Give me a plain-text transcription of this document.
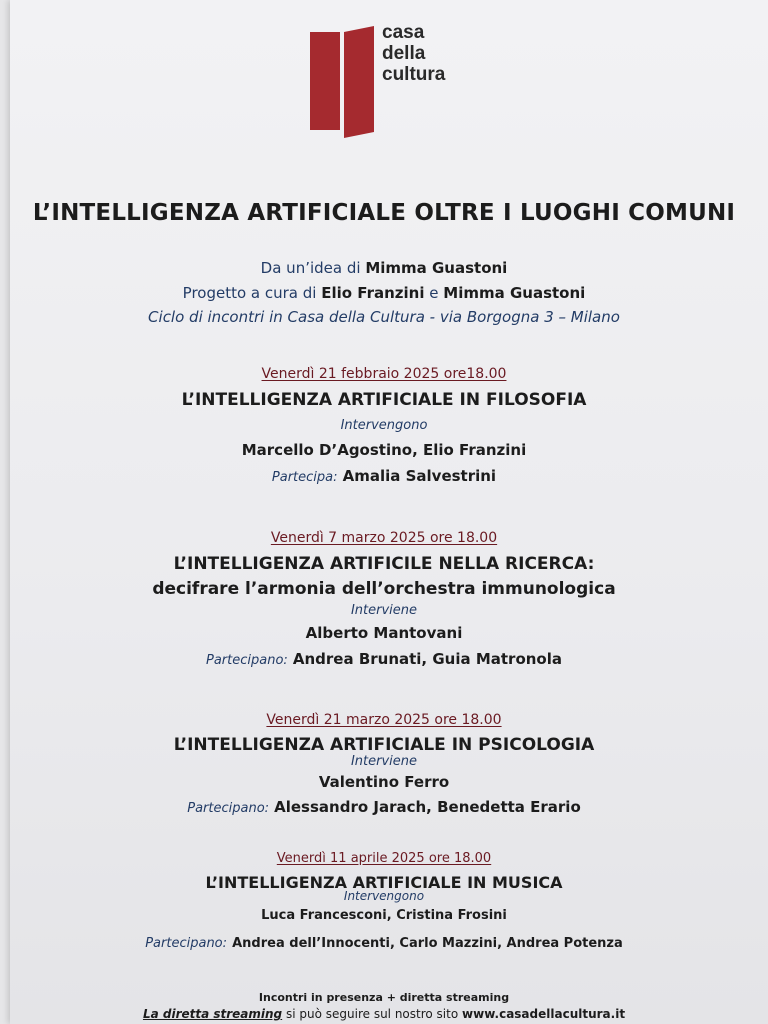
casa
della
cultura
L’INTELLIGENZA ARTIFICIALE OLTRE I LUOGHI COMUNI
Da un’idea di Mimma Guastoni
Progetto a cura di Elio Franzini e Mimma Guastoni
Ciclo di incontri in Casa della Cultura - via Borgogna 3 – Milano
Venerdì 21 febbraio 2025 ore18.00
L’INTELLIGENZA ARTIFICIALE IN FILOSOFIA
Intervengono
Marcello D’Agostino, Elio Franzini
Partecipa: Amalia Salvestrini
Venerdì 7 marzo 2025 ore 18.00
L’INTELLIGENZA ARTIFICILE NELLA RICERCA:
decifrare l’armonia dell’orchestra immunologica
Interviene
Alberto Mantovani
Partecipano: Andrea Brunati, Guia Matronola
Venerdì 21 marzo 2025 ore 18.00
L’INTELLIGENZA ARTIFICIALE IN PSICOLOGIA
Interviene
Valentino Ferro
Partecipano: Alessandro Jarach, Benedetta Erario
Venerdì 11 aprile 2025 ore 18.00
L’INTELLIGENZA ARTIFICIALE IN MUSICA
Intervengono
Luca Francesconi, Cristina Frosini
Partecipano: Andrea dell’Innocenti, Carlo Mazzini, Andrea Potenza
Incontri in presenza + diretta streaming
La diretta streaming si può seguire sul nostro sito www.casadellacultura.it
